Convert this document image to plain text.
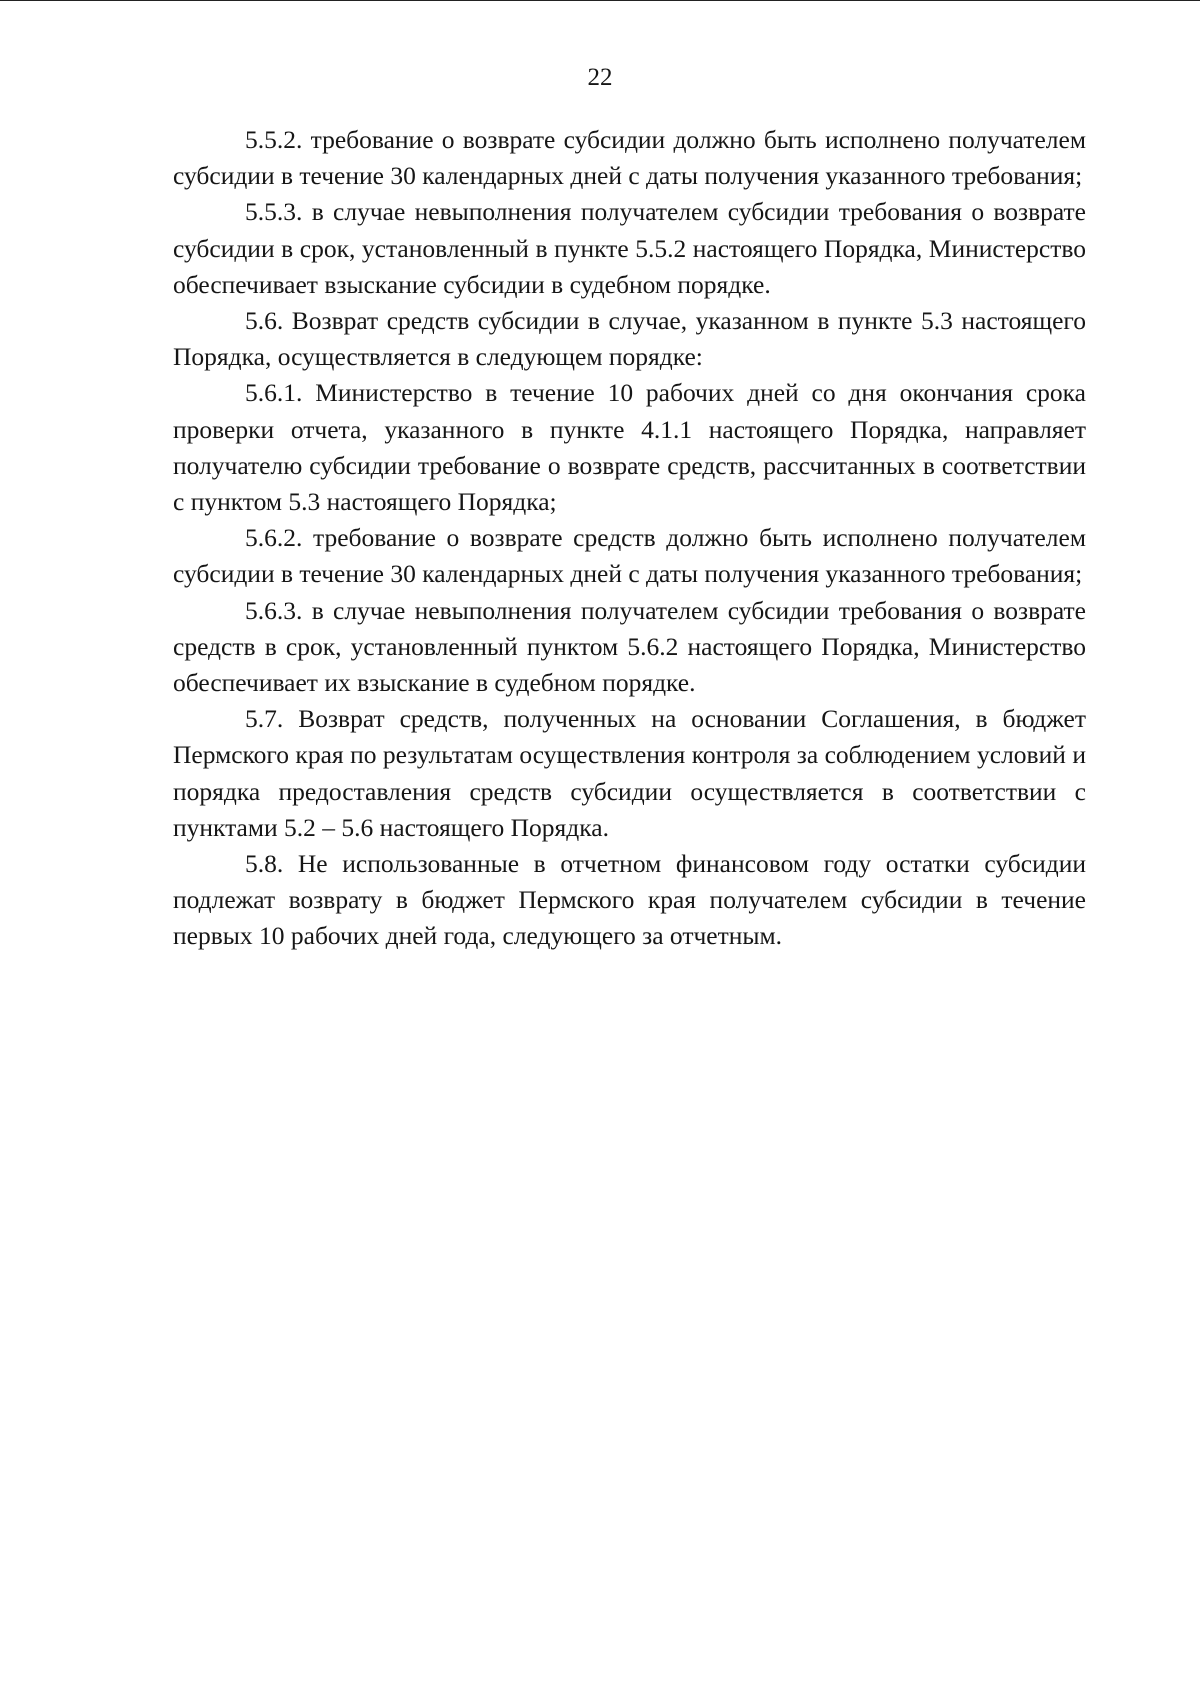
22

5.5.2. требование о возврате субсидии должно быть исполнено получателем субсидии в течение 30 календарных дней с даты получения указанного требования;

5.5.3. в случае невыполнения получателем субсидии требования о возврате субсидии в срок, установленный в пункте 5.5.2 настоящего Порядка, Министерство обеспечивает взыскание субсидии в судебном порядке.

5.6. Возврат средств субсидии в случае, указанном в пункте 5.3 настоящего Порядка, осуществляется в следующем порядке:

5.6.1. Министерство в течение 10 рабочих дней со дня окончания срока проверки отчета, указанного в пункте 4.1.1 настоящего Порядка, направляет получателю субсидии требование о возврате средств, рассчитанных в соответствии с пунктом 5.3 настоящего Порядка;

5.6.2. требование о возврате средств должно быть исполнено получателем субсидии в течение 30 календарных дней с даты получения указанного требования;

5.6.3. в случае невыполнения получателем субсидии требования о возврате средств в срок, установленный пунктом 5.6.2 настоящего Порядка, Министерство обеспечивает их взыскание в судебном порядке.

5.7. Возврат средств, полученных на основании Соглашения, в бюджет Пермского края по результатам осуществления контроля за соблюдением условий и порядка предоставления средств субсидии осуществляется в соответствии с пунктами 5.2 – 5.6 настоящего Порядка.

5.8. Не использованные в отчетном финансовом году остатки субсидии подлежат возврату в бюджет Пермского края получателем субсидии в течение первых 10 рабочих дней года, следующего за отчетным.
